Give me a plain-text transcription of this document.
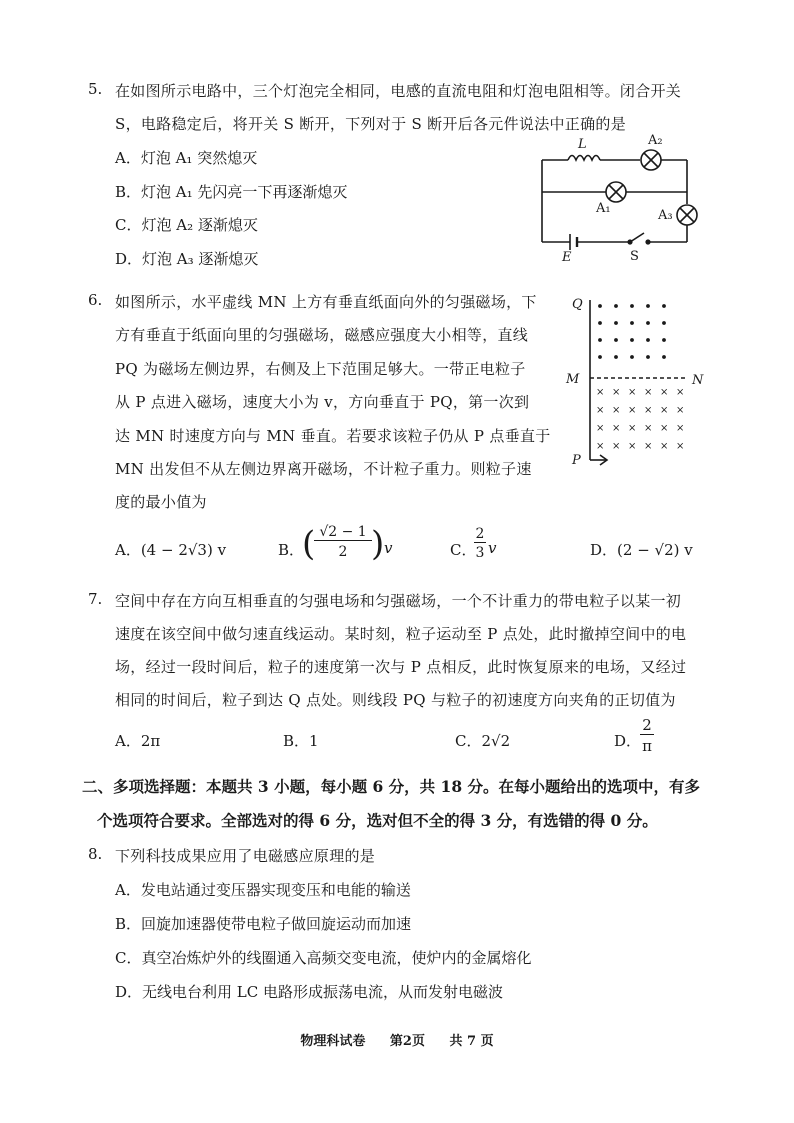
5. 在如图所示电路中，三个灯泡完全相同，电感的直流电阻和灯泡电阻相等。闭合开关
S，电路稳定后，将开关 S 断开，下列对于 S 断开后各元件说法中正确的是
A．灯泡 A₁ 突然熄灭
B．灯泡 A₁ 先闪亮一下再逐渐熄灭
C．灯泡 A₂ 逐渐熄灭
D．灯泡 A₃ 逐渐熄灭
L	A₂
A₁	A₃
E	S
6. 如图所示，水平虚线 MN 上方有垂直纸面向外的匀强磁场，下
方有垂直于纸面向里的匀强磁场，磁感应强度大小相等，直线
PQ 为磁场左侧边界，右侧及上下范围足够大。一带正电粒子
从 P 点进入磁场，速度大小为 v，方向垂直于 PQ，第一次到
达 MN 时速度方向与 MN 垂直。若要求该粒子仍从 P 点垂直于
MN 出发但不从左侧边界离开磁场，不计粒子重力。则粒子速
度的最小值为
× × × × × ×
× × × × × ×
× × × × × ×
× × × × × ×
Q
M	N
P
A．(4 − 2√3) v	B．
( √2 − 1
2 ) v	C．
2
3 v	D．(2 − √2) v
7. 空间中存在方向互相垂直的匀强电场和匀强磁场，一个不计重力的带电粒子以某一初
速度在该空间中做匀速直线运动。某时刻，粒子运动至 P 点处，此时撤掉空间中的电
场，经过一段时间后，粒子的速度第一次与 P 点相反，此时恢复原来的电场，又经过
相同的时间后，粒子到达 Q 点处。则线段 PQ 与粒子的初速度方向夹角的正切值为
A．2π	B．1	C．2√2	D．
2
π
二、多项选择题：本题共 3 小题，每小题 6 分，共 18 分。在每小题给出的选项中，有多
个选项符合要求。全部选对的得 6 分，选对但不全的得 3 分，有选错的得 0 分。
8. 下列科技成果应用了电磁感应原理的是
A．发电站通过变压器实现变压和电能的输送
B．回旋加速器使带电粒子做回旋运动而加速
C．真空冶炼炉外的线圈通入高频交变电流，使炉内的金属熔化
D．无线电台利用 LC 电路形成振荡电流，从而发射电磁波
物理科试卷 第2页 共 7 页
